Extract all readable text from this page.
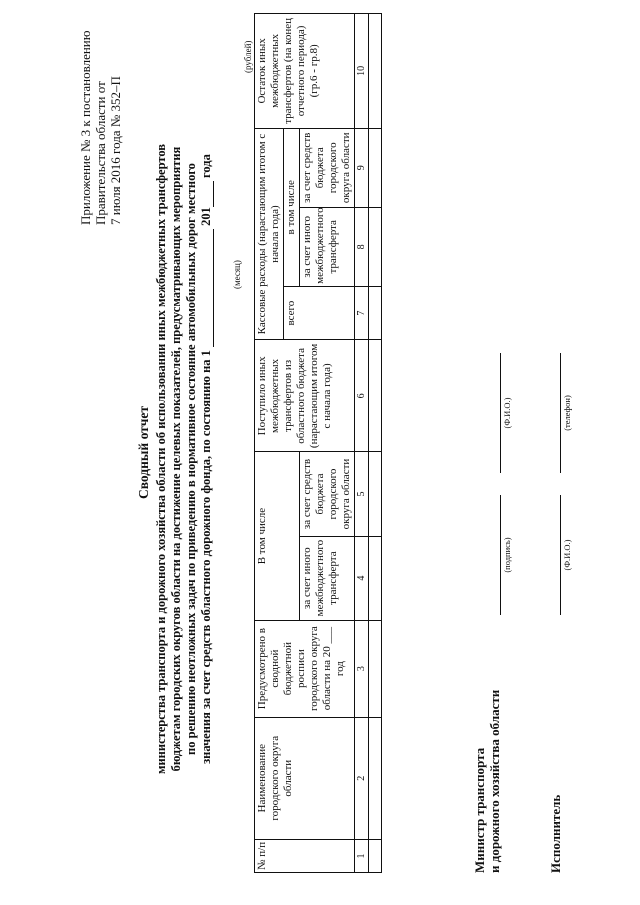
Приложение № 3 к постановлению Правительства области от 7 июля 2016 года № 352–П
Сводный отчет министерства транспорта и дорожного хозяйства области об использовании иных межбюджетных трансфертов бюджетам городских округов области на достижение целевых показателей, предусматривающих мероприятия по решению неотложных задач по приведению в нормативное состояние автомобильных дорог местного значения за счет средств областного дорожного фонда, по состоянию на 1  201 года
(месяц)
(рублей)
№ п/п	Наименование городского округа области	Предусмотрено в сводной бюджетной росписи городского округа области на 20 ___ год	В том числе		Поступило иных межбюджетных трансфертов из областного бюджета (нарастающим итогом с начала года)	Кассовые расходы (нарастающим итогом с начала года)			Остаток иных межбюджетных трансфертов (на конец отчетного периода) (гр.6 - гр.8)
						всего	в том числе		
			за счет иного межбюджетного трансферта	за счет средств бюджета городского округа области			за счет иного межбюджетного трансферта	за счет средств бюджета городского округа области	
1	2	3	4	5	6	7	8	9	10

Министр транспорта и дорожного хозяйства области
(подпись)
(Ф.И.О.)
Исполнитель
(Ф.И.О.)
(телефон)
